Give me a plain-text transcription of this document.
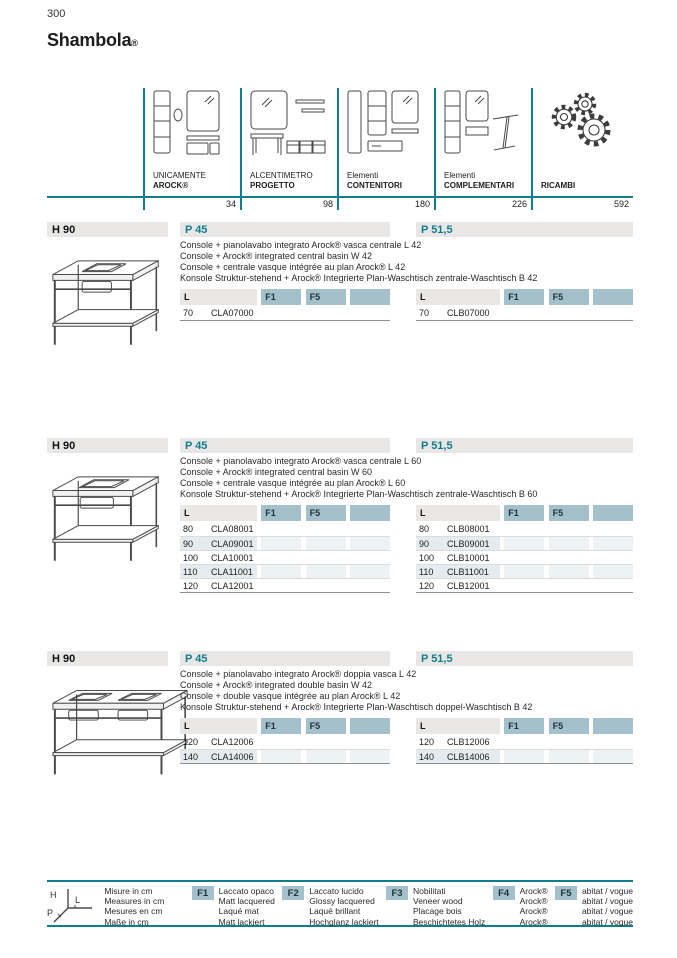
300
Shambola®
UNICAMENTE
AROCK®
34
ALCENTIMETRO
PROGETTO
98
Elementi
CONTENITORI
180
Elementi
COMPLEMENTARI
226
RICAMBI
592
H 90	P 45	P 51,5
Console + pianolavabo integrato Arock® vasca centrale L 42
Console + Arock® integrated central basin W 42
Console + centrale vasque intégrée au plan Arock® L 42
Konsole Struktur-stehend + Arock® Integrierte Plan-Waschtisch zentrale-Waschtisch B 42
L	F1	F5
70	CLA07000
L	F1	F5
70	CLB07000
H 90	P 45	P 51,5
Console + pianolavabo integrato Arock® vasca centrale L 60
Console + Arock® integrated central basin W 60
Console + centrale vasque intégrée au plan Arock® L 60
Konsole Struktur-stehend + Arock® Integrierte Plan-Waschtisch zentrale-Waschtisch B 60
L	F1	F5
80	CLA08001
90	CLA09001
100	CLA10001
110	CLA11001
120	CLA12001
L	F1	F5
80	CLB08001
90	CLB09001
100	CLB10001
110	CLB11001
120	CLB12001
H 90	P 45	P 51,5
Console + pianolavabo integrato Arock® doppia vasca L 42
Console + Arock® integrated double basin W 42
Console + double vasque intégrée au plan Arock® L 42
Konsole Struktur-stehend + Arock® Integrierte Plan-Waschtisch doppel-Waschtisch B 42
L	F1	F5
120	CLA12006
140	CLA14006
L	F1	F5
120	CLB12006
140	CLB14006
H L
P
Misure in cm
Measures in cm
Mesures en cm
Maße in cm
F1	Laccato opaco
Matt lacquered
Laqué mat
Matt lackiert
F2	Laccato lucido
Glossy lacquered
Laqué brillant
Hochglanz lackiert
F3	Nobilitati
Veneer wood
Placage bois
Beschichtetes Holz
F4	Arock®
Arock®
Arock®
Arock®
F5	abitat / vogue
abitat / vogue
abitat / vogue
abitat / vogue
